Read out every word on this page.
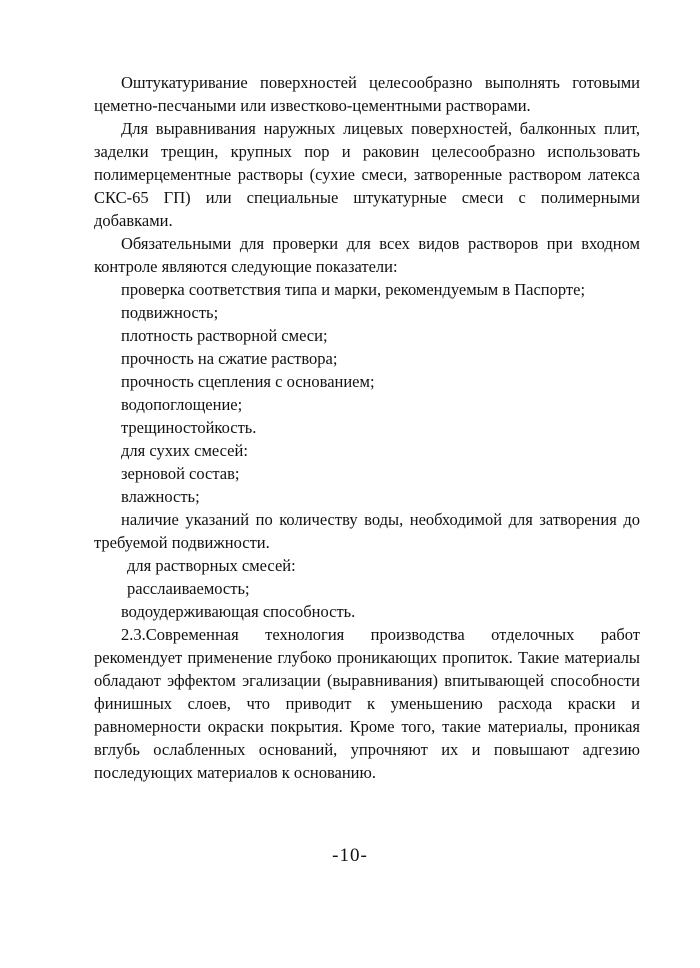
Оштукатуривание поверхностей целесообразно выполнять готовыми цеметно-песчаными или известково-цементными растворами.

Для выравнивания наружных лицевых поверхностей, балконных плит, заделки трещин, крупных пор и раковин целесообразно использовать полимерцементные растворы (сухие смеси, затворенные раствором латекса СКС-65 ГП) или специальные штукатурные смеси с полимерными добавками.

Обязательными для проверки для всех видов растворов при входном контроле являются следующие показатели:

проверка соответствия типа и марки, рекомендуемым в Паспорте;

подвижность;

плотность растворной смеси;

прочность на сжатие раствора;

прочность сцепления с основанием;

водопоглощение;

трещиностойкость.

для сухих смесей:

зерновой состав;

влажность;

наличие указаний по количеству воды, необходимой для затворения до требуемой подвижности.

для растворных смесей:

расслаиваемость;

водоудерживающая способность.

2.3.Современная технология производства отделочных работ рекомендует применение глубоко проникающих пропиток. Такие материалы обладают эффектом эгализации (выравнивания) впитывающей способности финишных слоев, что приводит к уменьшению расхода краски и равномерности окраски покрытия. Кроме того, такие материалы, проникая вглубь ослабленных оснований, упрочняют их и повышают адгезию последующих материалов к основанию.

-10-
